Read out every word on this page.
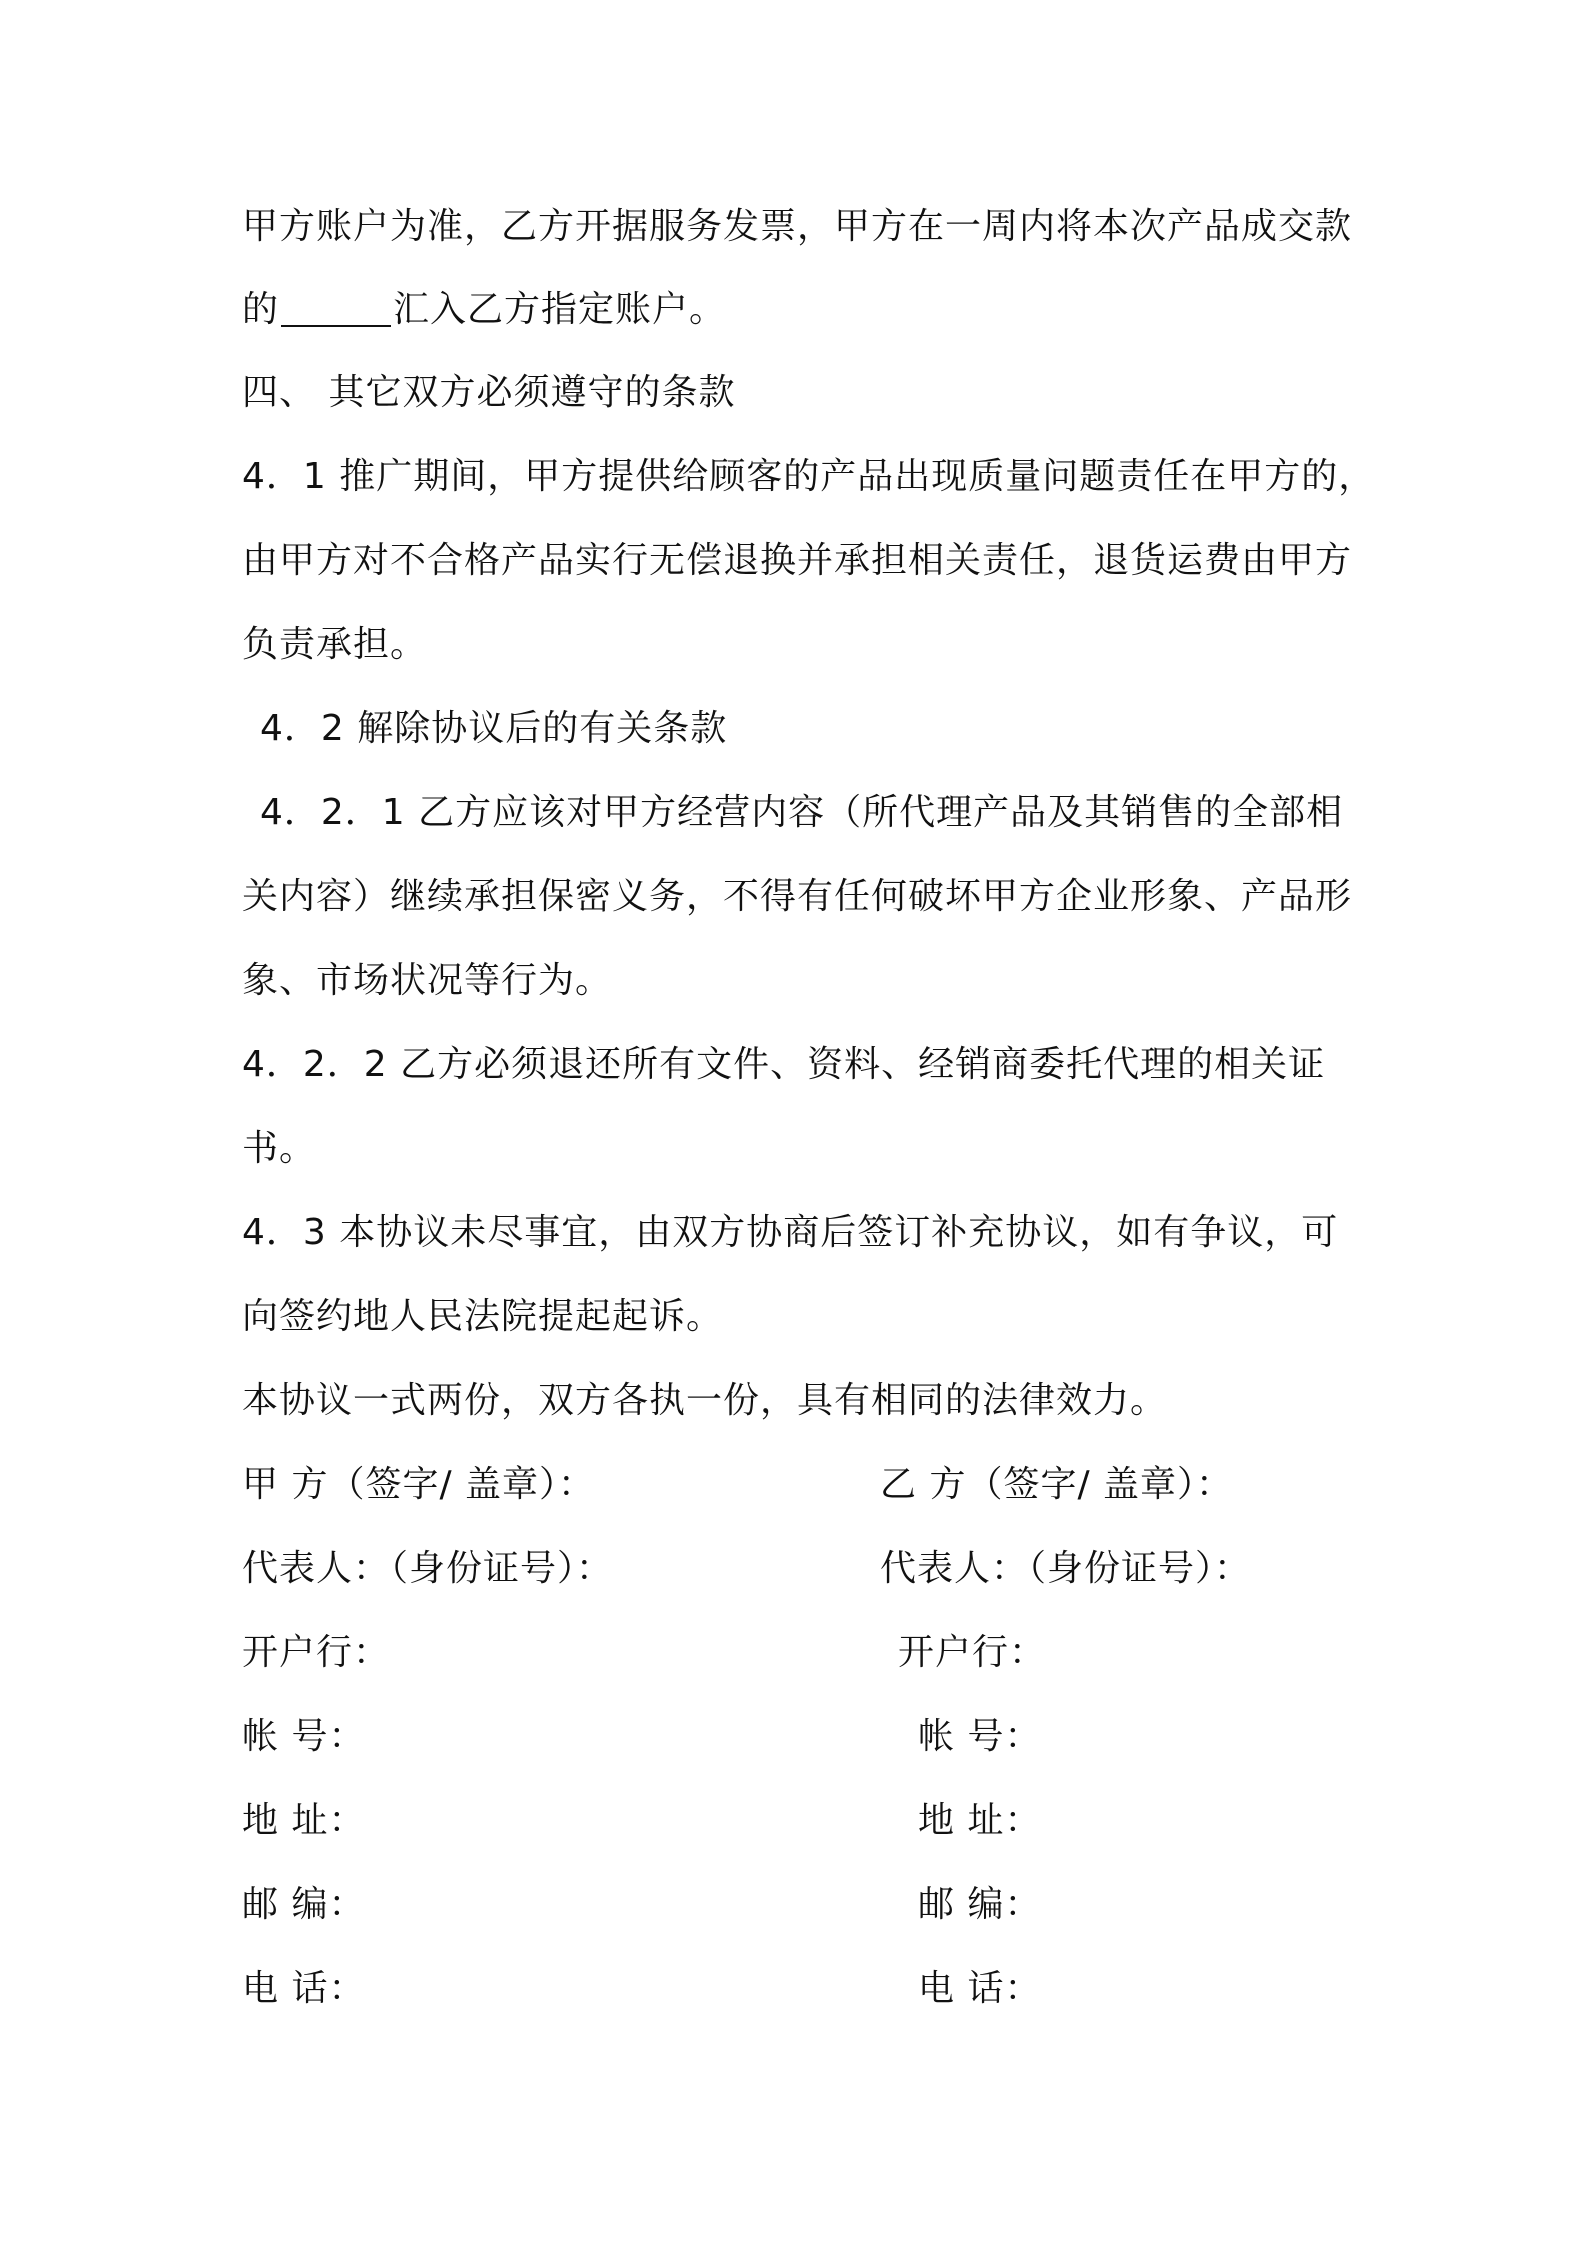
甲方账户为准，乙方开据服务发票，甲方在一周内将本次产品成交款
的	汇入乙方指定账户。
四、 其它双方必须遵守的条款
4．1 推广期间，甲方提供给顾客的产品出现质量问题责任在甲方的，
由甲方对不合格产品实行无偿退换并承担相关责任，退货运费由甲方
负责承担。
4．2 解除协议后的有关条款
4．2．1 乙方应该对甲方经营内容（所代理产品及其销售的全部相
关内容）继续承担保密义务，不得有任何破坏甲方企业形象、产品形
象、市场状况等行为。
4．2．2 乙方必须退还所有文件、资料、经销商委托代理的相关证
书。
4．3 本协议未尽事宜，由双方协商后签订补充协议，如有争议，可
向签约地人民法院提起起诉。
本协议一式两份，双方各执一份，具有相同的法律效力。
甲 方（签字/ 盖章）：
代表人：（身份证号）：
开户行：
帐 号：
地 址：
邮 编：
电 话：
乙 方（签字/ 盖章）：
代表人：（身份证号）：
开户行：
帐 号：
地 址：
邮 编：
电 话：
